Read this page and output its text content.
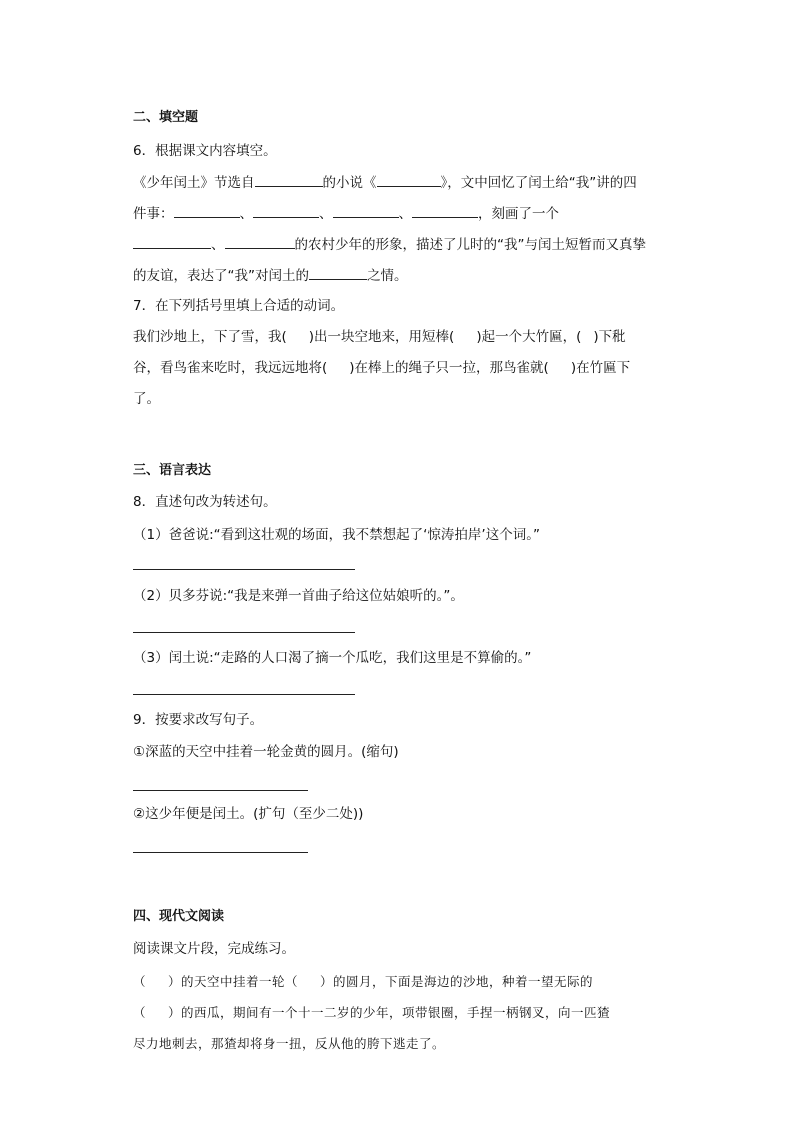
二、填空题
6．根据课文内容填空。
《少年闰土》节选自	的小说《	》，文中回忆了闰土给“我”讲的四
件事：	、	、	、	，刻画了一个
、	的农村少年的形象，描述了儿时的“我”与闰土短暂而又真挚
的友谊，表达了“我”对闰土的	之情。
7．在下列括号里填上合适的动词。
我们沙地上，下了雪，我( )出一块空地来，用短棒( )起一个大竹匾，( )下秕
谷，看鸟雀来吃时，我远远地将( )在棒上的绳子只一拉，那鸟雀就( )在竹匾下
了。
三、语言表达
8．直述句改为转述句。
（1）爸爸说:“看到这壮观的场面，我不禁想起了‘惊涛拍岸’这个词。”
（2）贝多芬说:“我是来弹一首曲子给这位姑娘听的。”。
（3）闰土说:“走路的人口渴了摘一个瓜吃，我们这里是不算偷的。”
9．按要求改写句子。
①深蓝的天空中挂着一轮金黄的圆月。(缩句)
②这少年便是闰土。(扩句（至少二处))
四、现代文阅读
阅读课文片段，完成练习。
（ ）的天空中挂着一轮（ ）的圆月，下面是海边的沙地，种着一望无际的
（ ）的西瓜，期间有一个十一二岁的少年，项带银圈，手捏一柄钢叉，向一匹猹
尽力地刺去，那猹却将身一扭，反从他的胯下逃走了。
